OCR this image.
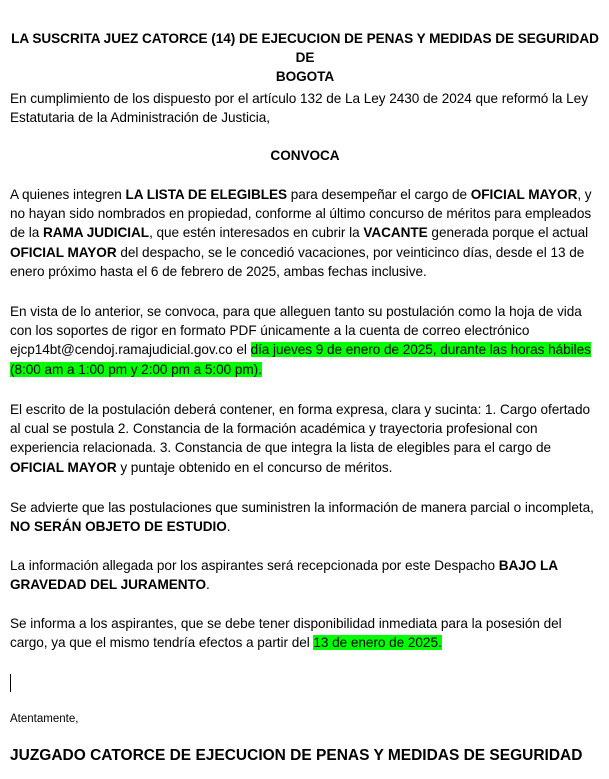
LA SUSCRITA JUEZ CATORCE (14) DE EJECUCION DE PENAS Y MEDIDAS DE SEGURIDAD DE
BOGOTA
En cumplimiento de los dispuesto por el artículo 132 de La Ley 2430 de 2024 que reformó la Ley Estatutaria de la Administración de Justicia,
CONVOCA
A quienes integren LA LISTA DE ELEGIBLES para desempeñar el cargo de OFICIAL MAYOR, y no hayan sido nombrados en propiedad, conforme al último concurso de méritos para empleados de la RAMA JUDICIAL, que estén interesados en cubrir la VACANTE generada porque el actual OFICIAL MAYOR del despacho, se le concedió vacaciones, por veinticinco días, desde el 13 de enero próximo hasta el 6 de febrero de 2025, ambas fechas inclusive.
En vista de lo anterior, se convoca, para que alleguen tanto su postulación como la hoja de vida con los soportes de rigor en formato PDF únicamente a la cuenta de correo electrónico ejcp14bt@cendoj.ramajudicial.gov.co el día jueves 9 de enero de 2025, durante las horas hábiles (8:00 am a 1:00 pm y 2:00 pm a 5:00 pm).
El escrito de la postulación deberá contener, en forma expresa, clara y sucinta: 1. Cargo ofertado al cual se postula 2. Constancia de la formación académica y trayectoria profesional con experiencia relacionada. 3. Constancia de que integra la lista de elegibles para el cargo de OFICIAL MAYOR y puntaje obtenido en el concurso de méritos.
Se advierte que las postulaciones que suministren la información de manera parcial o incompleta, NO SERÁN OBJETO DE ESTUDIO.
La información allegada por los aspirantes será recepcionada por este Despacho BAJO LA GRAVEDAD DEL JURAMENTO.
Se informa a los aspirantes, que se debe tener disponibilidad inmediata para la posesión del cargo, ya que el mismo tendría efectos a partir del 13 de enero de 2025.
Atentamente,
JUZGADO CATORCE DE EJECUCION DE PENAS Y MEDIDAS DE SEGURIDAD
